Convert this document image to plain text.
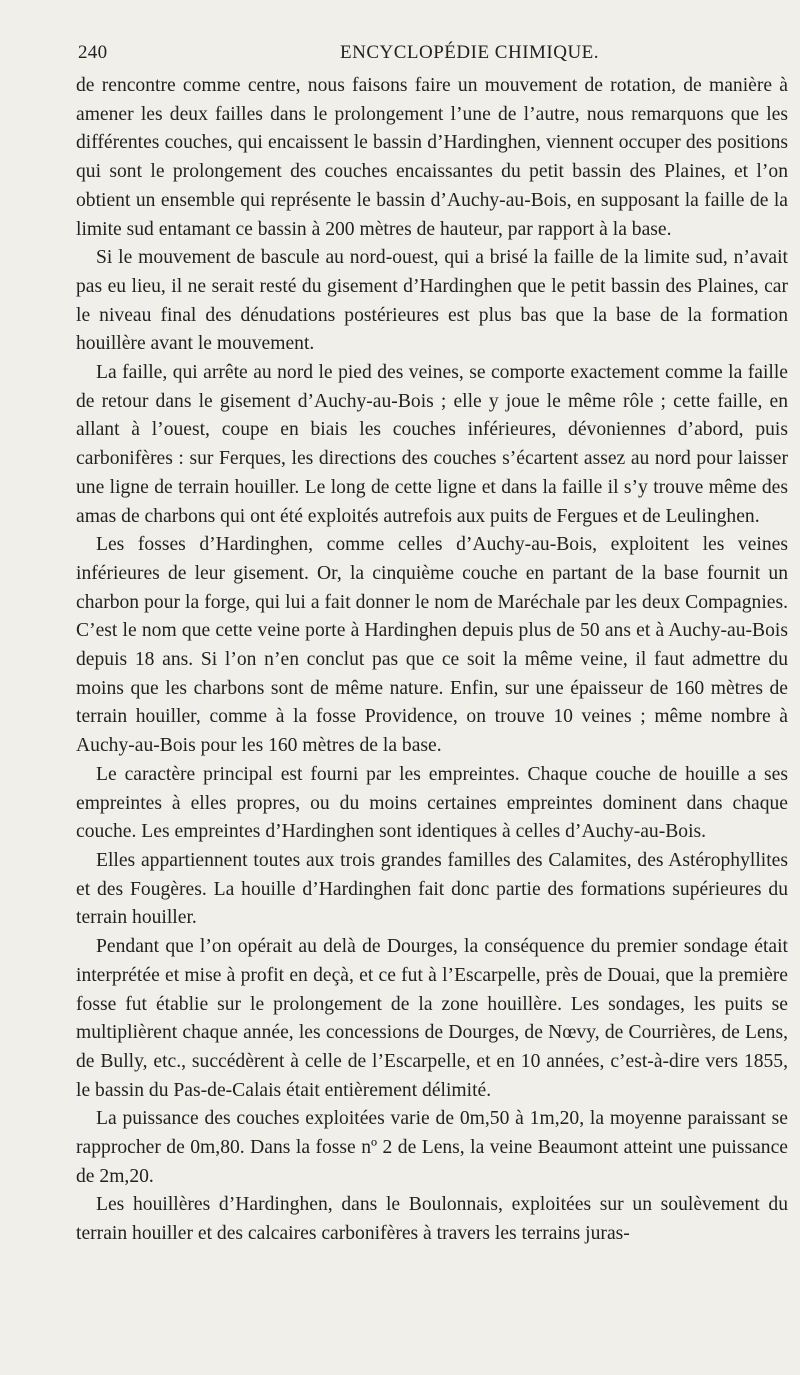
240	ENCYCLOPÉDIE CHIMIQUE.

de rencontre comme centre, nous faisons faire un mouvement de rotation, de manière à amener les deux failles dans le prolongement l’une de l’autre, nous remarquons que les différentes couches, qui encaissent le bassin d’Hardinghen, viennent occuper des positions qui sont le prolongement des couches encaissantes du petit bassin des Plaines, et l’on obtient un ensemble qui représente le bassin d’Auchy-au-Bois, en supposant la faille de la limite sud entamant ce bassin à 200 mètres de hauteur, par rapport à la base.

Si le mouvement de bascule au nord-ouest, qui a brisé la faille de la limite sud, n’avait pas eu lieu, il ne serait resté du gisement d’Hardinghen que le petit bassin des Plaines, car le niveau final des dénudations postérieures est plus bas que la base de la formation houillère avant le mouvement.

La faille, qui arrête au nord le pied des veines, se comporte exactement comme la faille de retour dans le gisement d’Auchy-au-Bois ; elle y joue le même rôle ; cette faille, en allant à l’ouest, coupe en biais les couches inférieures, dévoniennes d’abord, puis carbonifères : sur Ferques, les directions des couches s’écartent assez au nord pour laisser une ligne de terrain houiller. Le long de cette ligne et dans la faille il s’y trouve même des amas de charbons qui ont été exploités autrefois aux puits de Fergues et de Leulinghen.

Les fosses d’Hardinghen, comme celles d’Auchy-au-Bois, exploitent les veines inférieures de leur gisement. Or, la cinquième couche en partant de la base fournit un charbon pour la forge, qui lui a fait donner le nom de Maréchale par les deux Compagnies. C’est le nom que cette veine porte à Hardinghen depuis plus de 50 ans et à Auchy-au-Bois depuis 18 ans. Si l’on n’en conclut pas que ce soit la même veine, il faut admettre du moins que les charbons sont de même nature. Enfin, sur une épaisseur de 160 mètres de terrain houiller, comme à la fosse Providence, on trouve 10 veines ; même nombre à Auchy-au-Bois pour les 160 mètres de la base.

Le caractère principal est fourni par les empreintes. Chaque couche de houille a ses empreintes à elles propres, ou du moins certaines empreintes dominent dans chaque couche. Les empreintes d’Hardinghen sont identiques à celles d’Auchy-au-Bois.

Elles appartiennent toutes aux trois grandes familles des Calamites, des Astérophyllites et des Fougères. La houille d’Hardinghen fait donc partie des formations supérieures du terrain houiller.

Pendant que l’on opérait au delà de Dourges, la conséquence du premier sondage était interprétée et mise à profit en deçà, et ce fut à l’Escarpelle, près de Douai, que la première fosse fut établie sur le prolongement de la zone houillère. Les sondages, les puits se multiplièrent chaque année, les concessions de Dourges, de Nœvy, de Courrières, de Lens, de Bully, etc., succédèrent à celle de l’Escarpelle, et en 10 années, c’est-à-dire vers 1855, le bassin du Pas-de-Calais était entièrement délimité.

La puissance des couches exploitées varie de 0m,50 à 1m,20, la moyenne paraissant se rapprocher de 0m,80. Dans la fosse nº 2 de Lens, la veine Beaumont atteint une puissance de 2m,20.

Les houillères d’Hardinghen, dans le Boulonnais, exploitées sur un soulèvement du terrain houiller et des calcaires carbonifères à travers les terrains juras-
